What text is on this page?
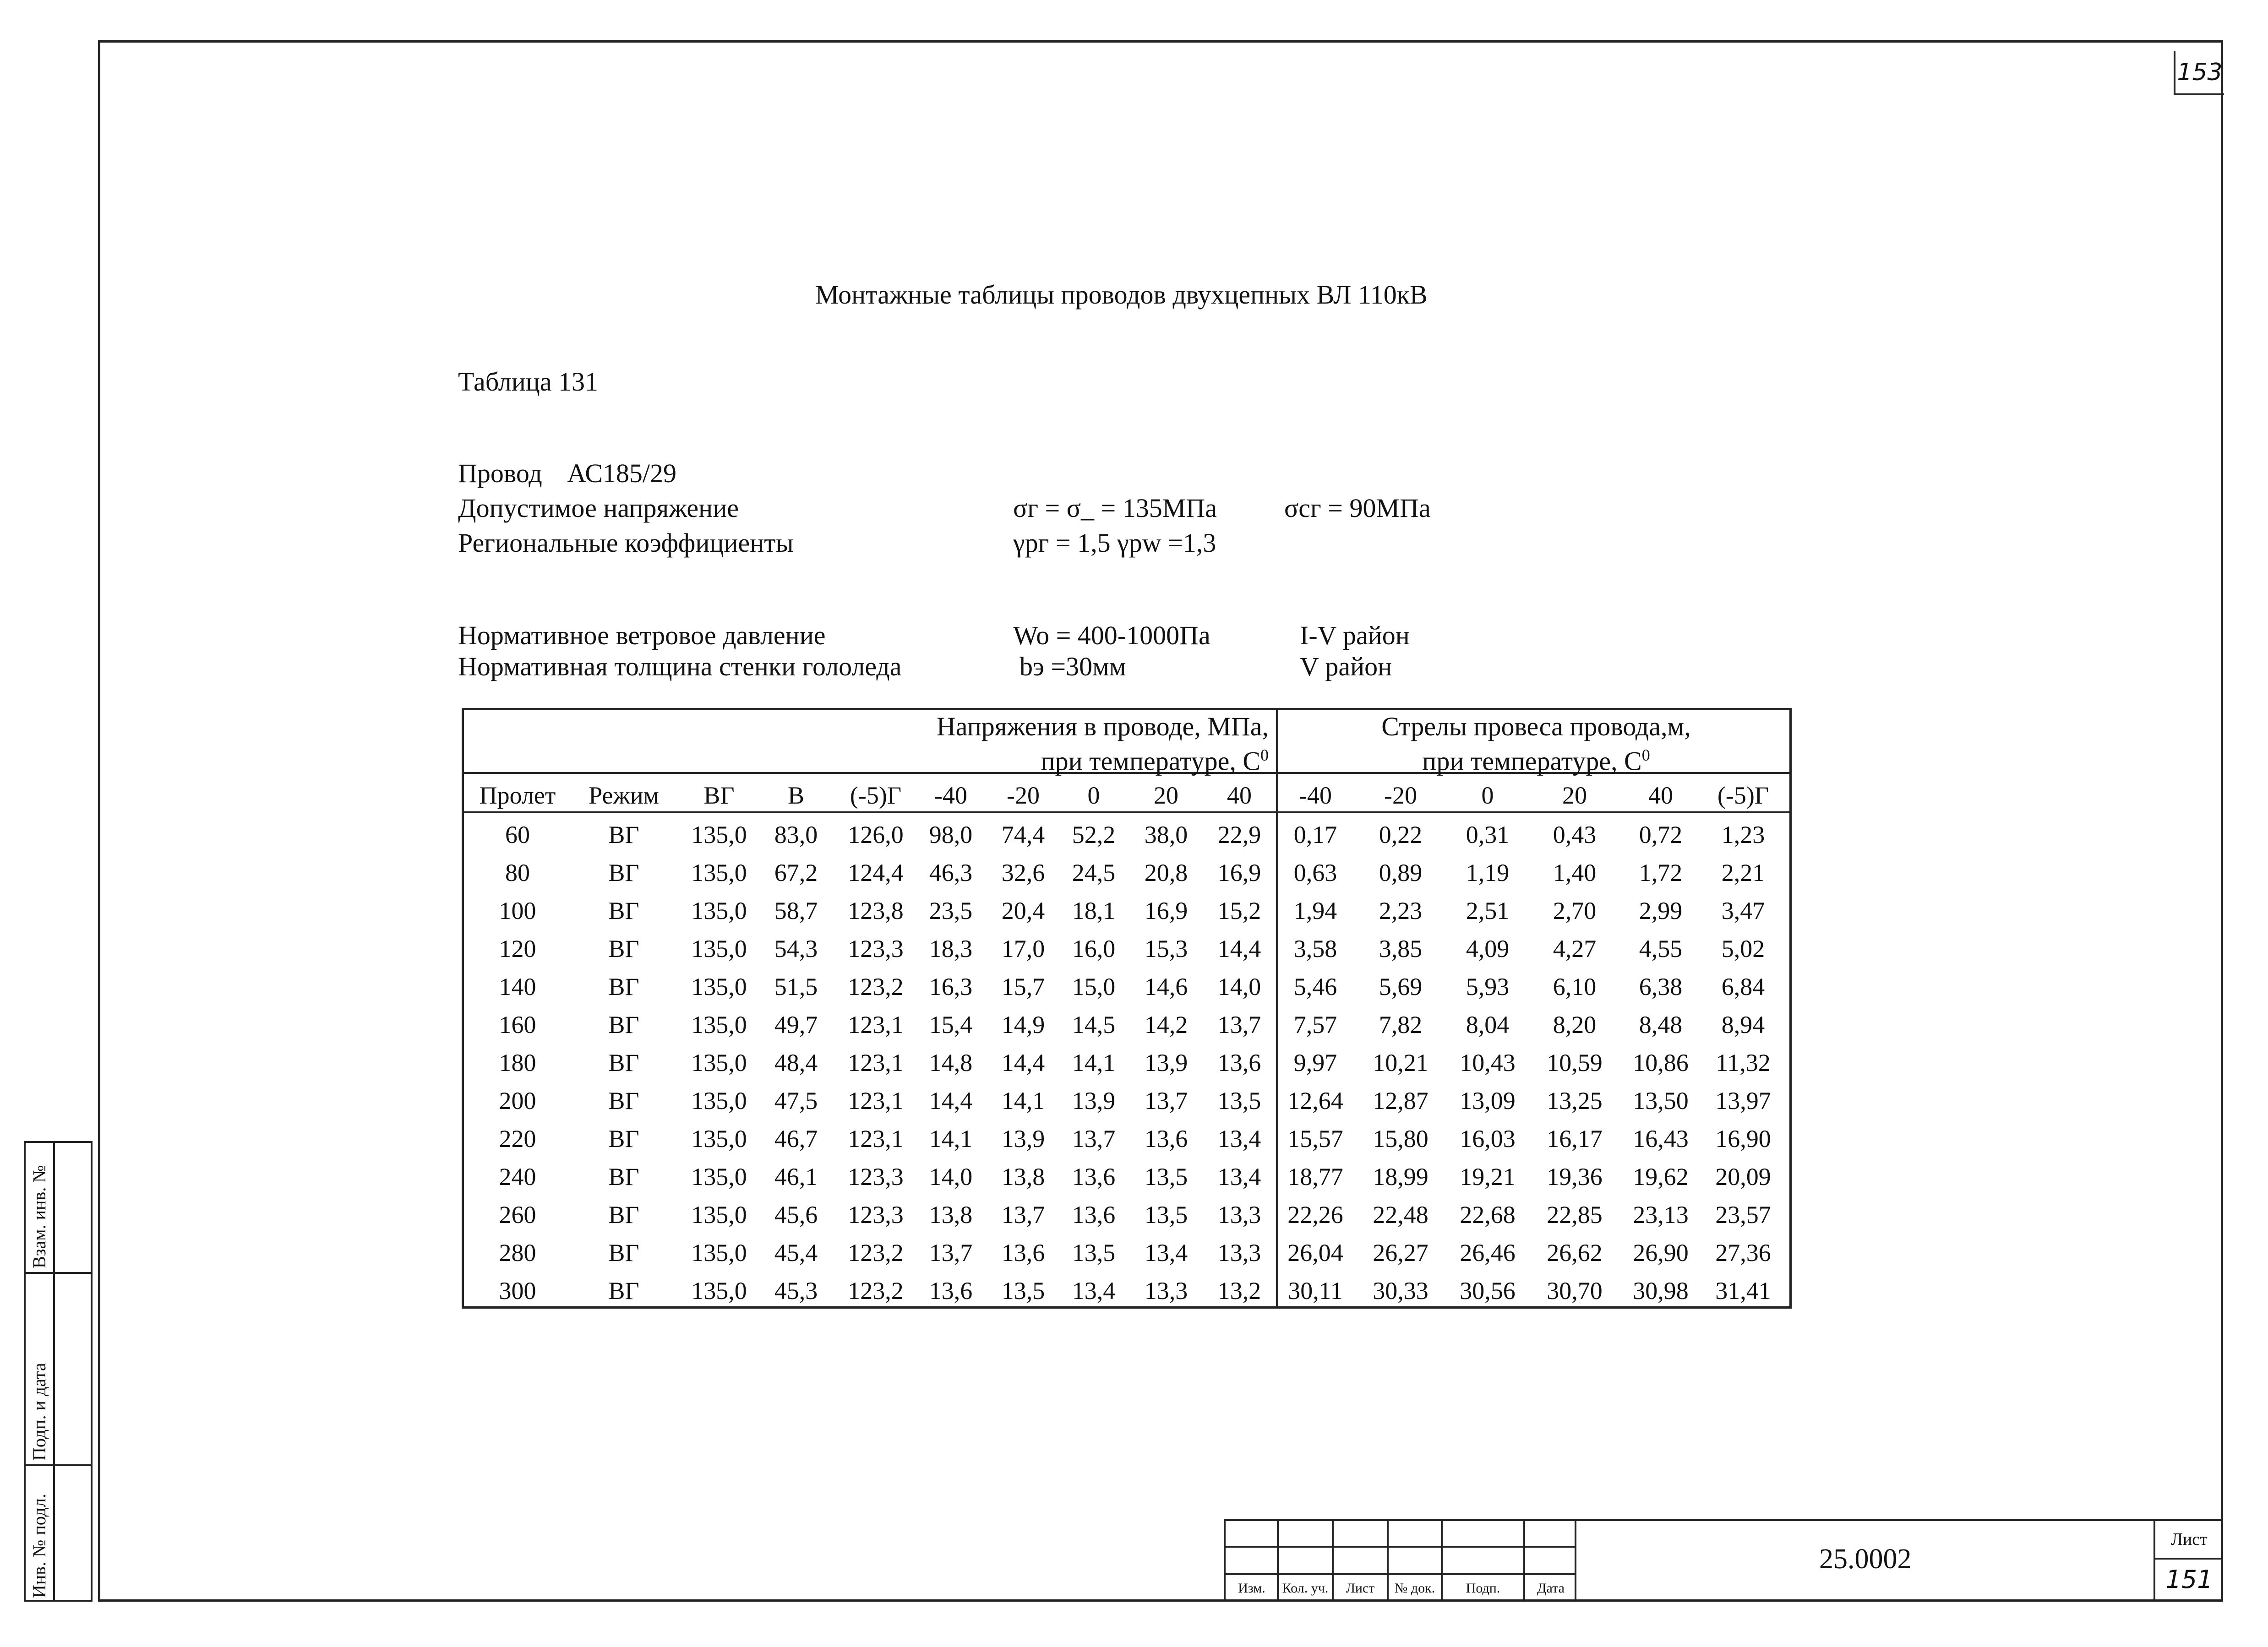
153
Монтажные таблицы проводов двухцепных ВЛ 110кВ
Таблица 131
Провод АС185/29
Допустимое напряжение	σг = σ_ = 135МПа	σсг = 90МПа
Региональные коэффициенты	γрг = 1,5 γpw =1,3
Нормативное ветровое давление	Wo = 400-1000Па	I-V район
Нормативная толщина стенки гололеда	bэ =30мм	V район
Напряжения в проводе, МПа,
при температуре, $С^0$
Стрелы провеса провода,м,
при температуре, $С^0$
Пролет	Режим	ВГ	В	(-5)Г	-40	-20	0	20	40	-40	-20	0	20	40	(-5)Г
60	ВГ	135,0	83,0	126,0	98,0	74,4	52,2	38,0	22,9	0,17	0,22	0,31	0,43	0,72	1,23
80	ВГ	135,0	67,2	124,4	46,3	32,6	24,5	20,8	16,9	0,63	0,89	1,19	1,40	1,72	2,21
100	ВГ	135,0	58,7	123,8	23,5	20,4	18,1	16,9	15,2	1,94	2,23	2,51	2,70	2,99	3,47
120	ВГ	135,0	54,3	123,3	18,3	17,0	16,0	15,3	14,4	3,58	3,85	4,09	4,27	4,55	5,02
140	ВГ	135,0	51,5	123,2	16,3	15,7	15,0	14,6	14,0	5,46	5,69	5,93	6,10	6,38	6,84
160	ВГ	135,0	49,7	123,1	15,4	14,9	14,5	14,2	13,7	7,57	7,82	8,04	8,20	8,48	8,94
180	ВГ	135,0	48,4	123,1	14,8	14,4	14,1	13,9	13,6	9,97	10,21	10,43	10,59	10,86	11,32
200	ВГ	135,0	47,5	123,1	14,4	14,1	13,9	13,7	13,5	12,64	12,87	13,09	13,25	13,50	13,97
220	ВГ	135,0	46,7	123,1	14,1	13,9	13,7	13,6	13,4	15,57	15,80	16,03	16,17	16,43	16,90
240	ВГ	135,0	46,1	123,3	14,0	13,8	13,6	13,5	13,4	18,77	18,99	19,21	19,36	19,62	20,09
260	ВГ	135,0	45,6	123,3	13,8	13,7	13,6	13,5	13,3	22,26	22,48	22,68	22,85	23,13	23,57
280	ВГ	135,0	45,4	123,2	13,7	13,6	13,5	13,4	13,3	26,04	26,27	26,46	26,62	26,90	27,36
300	ВГ	135,0	45,3	123,2	13,6	13,5	13,4	13,3	13,2	30,11	30,33	30,56	30,70	30,98	31,41
Инв. № подл.
Подп. и дата
Взам. инв. №
Изм.	Кол. уч.	Лист	№ док.	Подп.	Дата
25.0002
Лист
151
